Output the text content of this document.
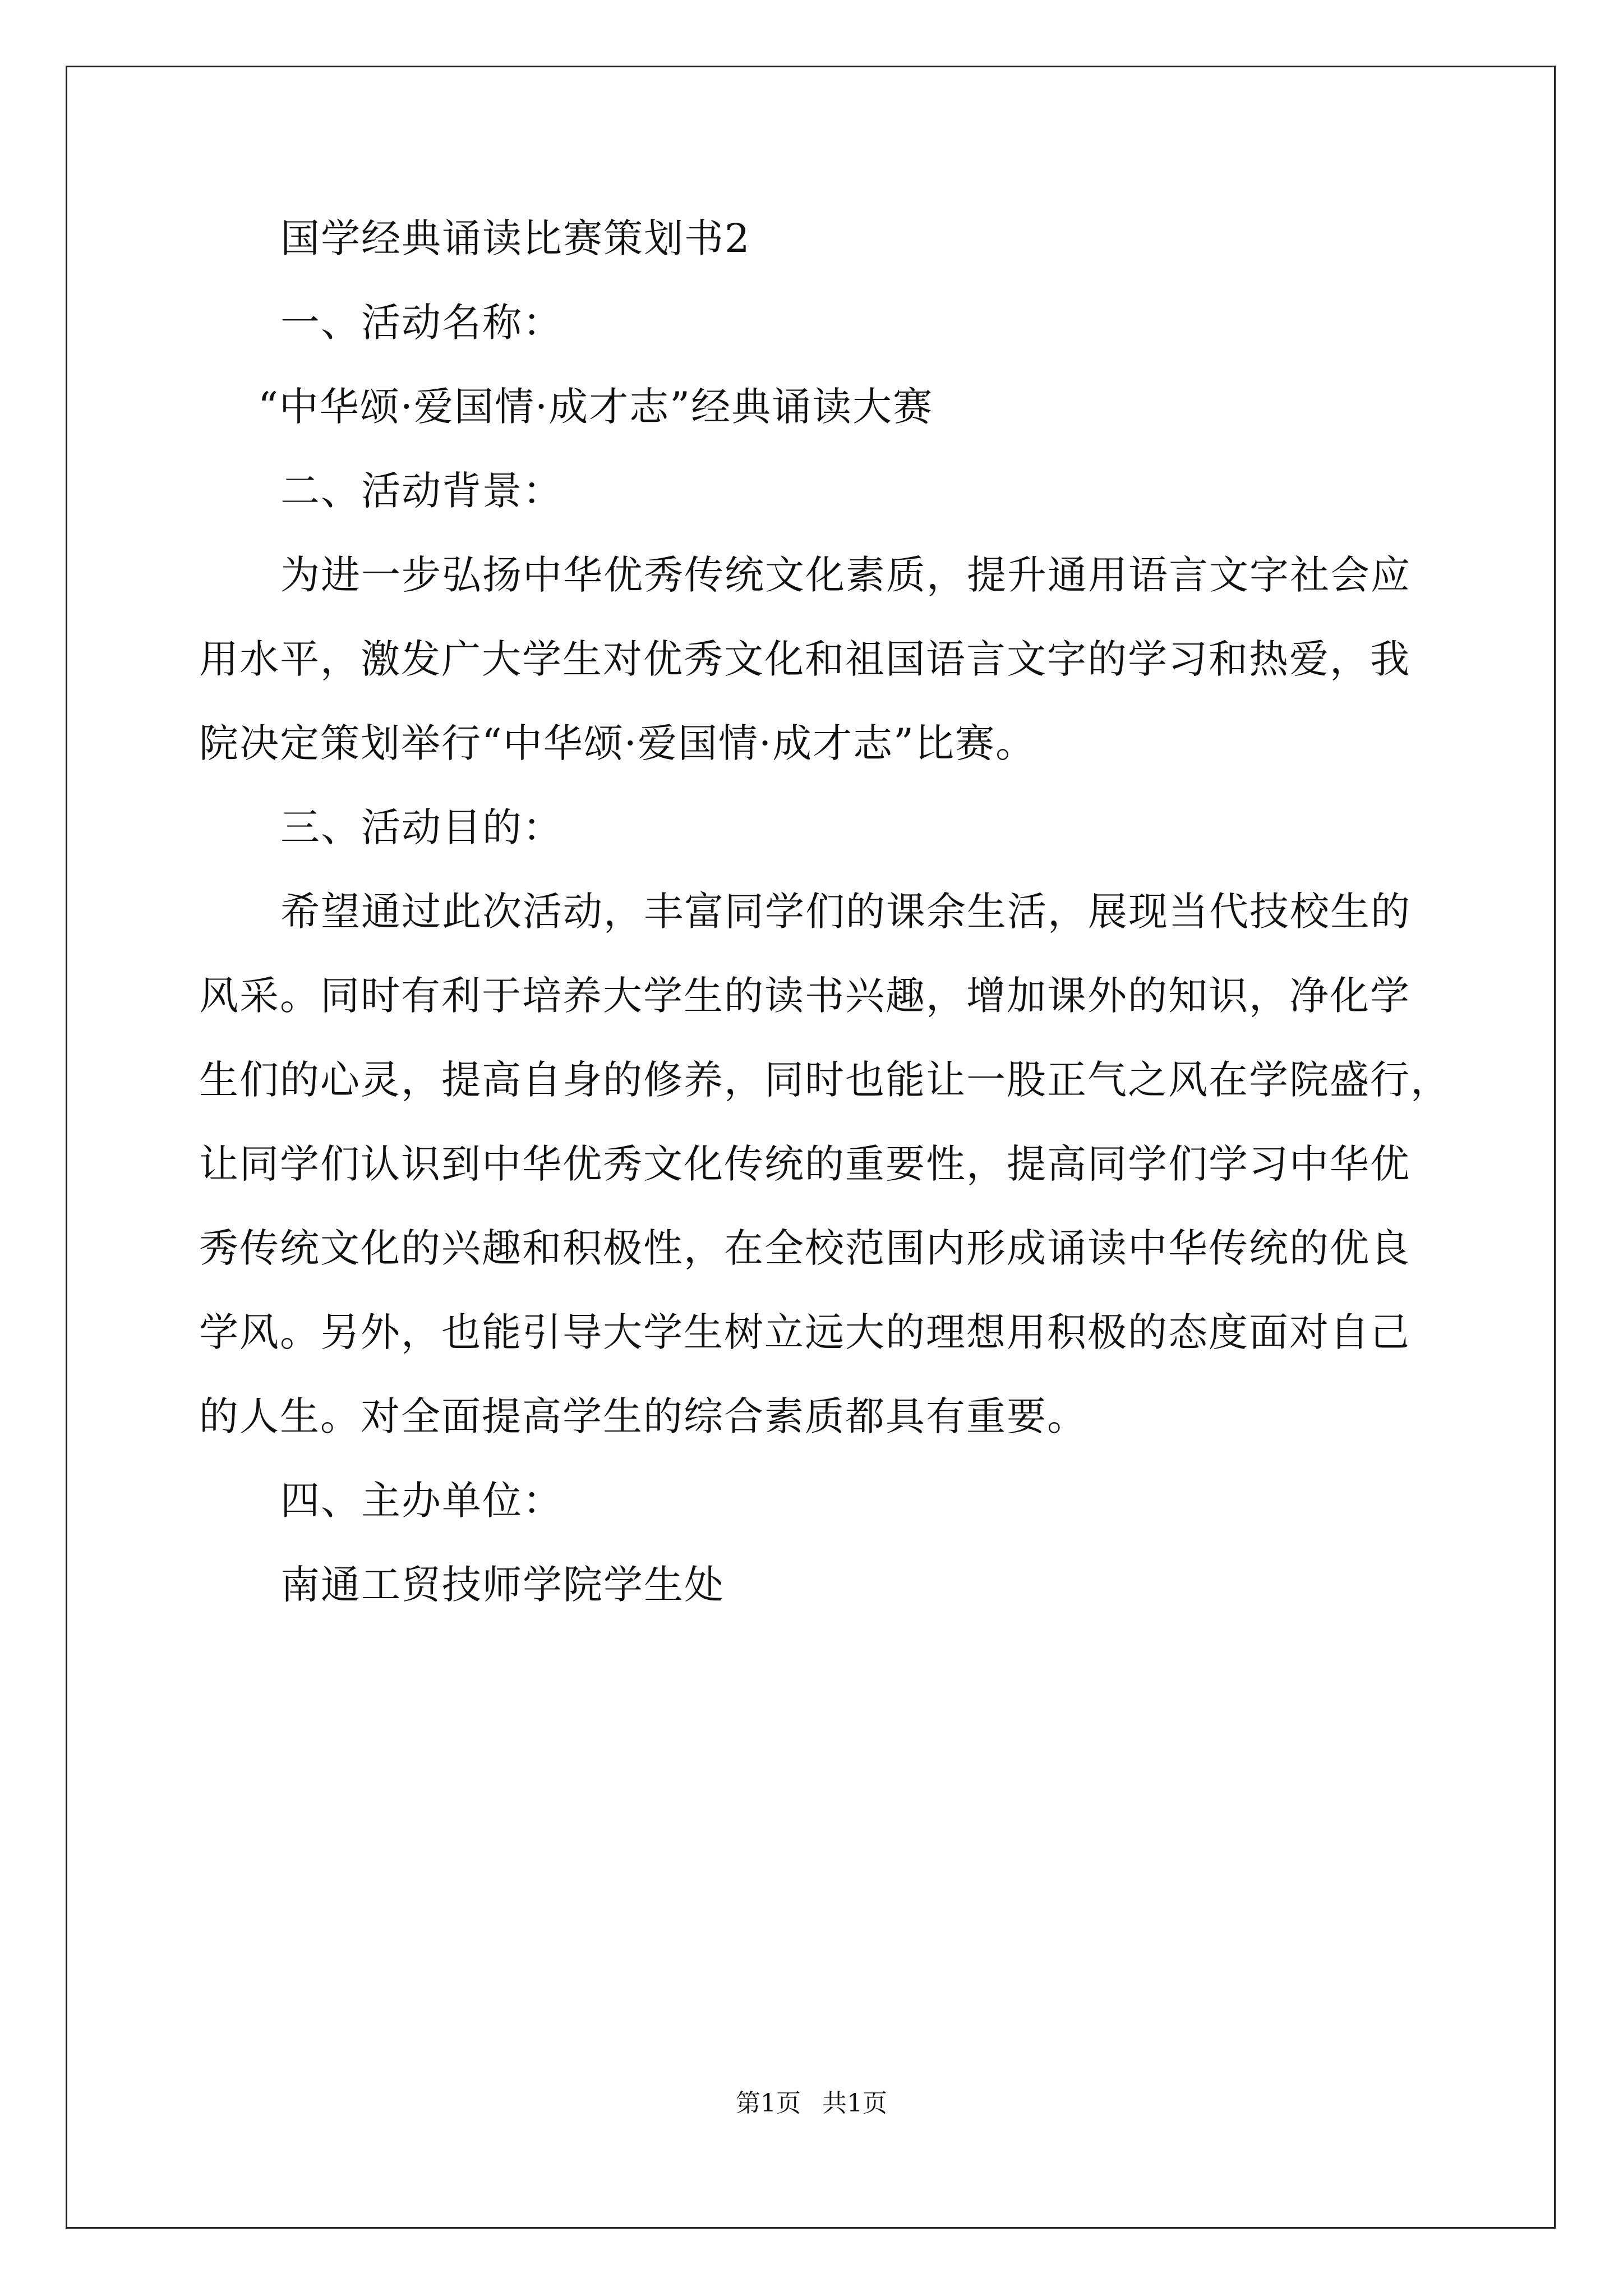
国学经典诵读比赛策划书2
一、活动名称：
“中华颂·爱国情·成才志”经典诵读大赛
二、活动背景：
为进一步弘扬中华优秀传统文化素质，提升通用语言文字社会应
用水平，激发广大学生对优秀文化和祖国语言文字的学习和热爱，我
院决定策划举行“中华颂·爱国情·成才志”比赛。
三、活动目的：
希望通过此次活动，丰富同学们的课余生活，展现当代技校生的
风采。同时有利于培养大学生的读书兴趣，增加课外的知识，净化学
生们的心灵，提高自身的修养，同时也能让一股正气之风在学院盛行，
让同学们认识到中华优秀文化传统的重要性，提高同学们学习中华优
秀传统文化的兴趣和积极性，在全校范围内形成诵读中华传统的优良
学风。另外，也能引导大学生树立远大的理想用积极的态度面对自己
的人生。对全面提高学生的综合素质都具有重要。
四、主办单位：
南通工贸技师学院学生处
第1页 共1页
